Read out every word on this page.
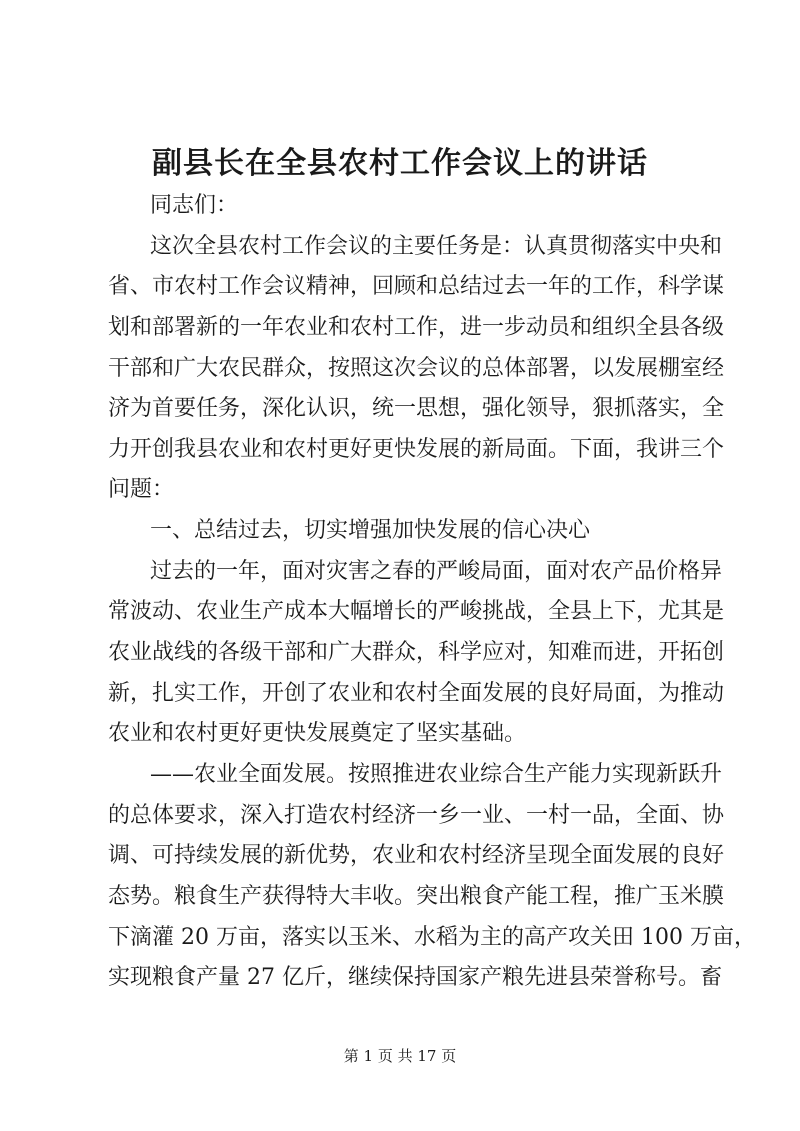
副县长在全县农村工作会议上的讲话
同志们：
这次全县农村工作会议的主要任务是：认真贯彻落实中央和
省、市农村工作会议精神，回顾和总结过去一年的工作，科学谋
划和部署新的一年农业和农村工作，进一步动员和组织全县各级
干部和广大农民群众，按照这次会议的总体部署，以发展棚室经
济为首要任务，深化认识，统一思想，强化领导，狠抓落实，全
力开创我县农业和农村更好更快发展的新局面。下面，我讲三个
问题：
一、总结过去，切实增强加快发展的信心决心
过去的一年，面对灾害之春的严峻局面，面对农产品价格异
常波动、农业生产成本大幅增长的严峻挑战，全县上下，尤其是
农业战线的各级干部和广大群众，科学应对，知难而进，开拓创
新，扎实工作，开创了农业和农村全面发展的良好局面，为推动
农业和农村更好更快发展奠定了坚实基础。
——农业全面发展。按照推进农业综合生产能力实现新跃升
的总体要求，深入打造农村经济一乡一业、一村一品，全面、协
调、可持续发展的新优势，农业和农村经济呈现全面发展的良好
态势。粮食生产获得特大丰收。突出粮食产能工程，推广玉米膜
下滴灌 20 万亩，落实以玉米、水稻为主的高产攻关田 100 万亩，
实现粮食产量 27 亿斤，继续保持国家产粮先进县荣誉称号。畜
第 1 页 共 17 页
